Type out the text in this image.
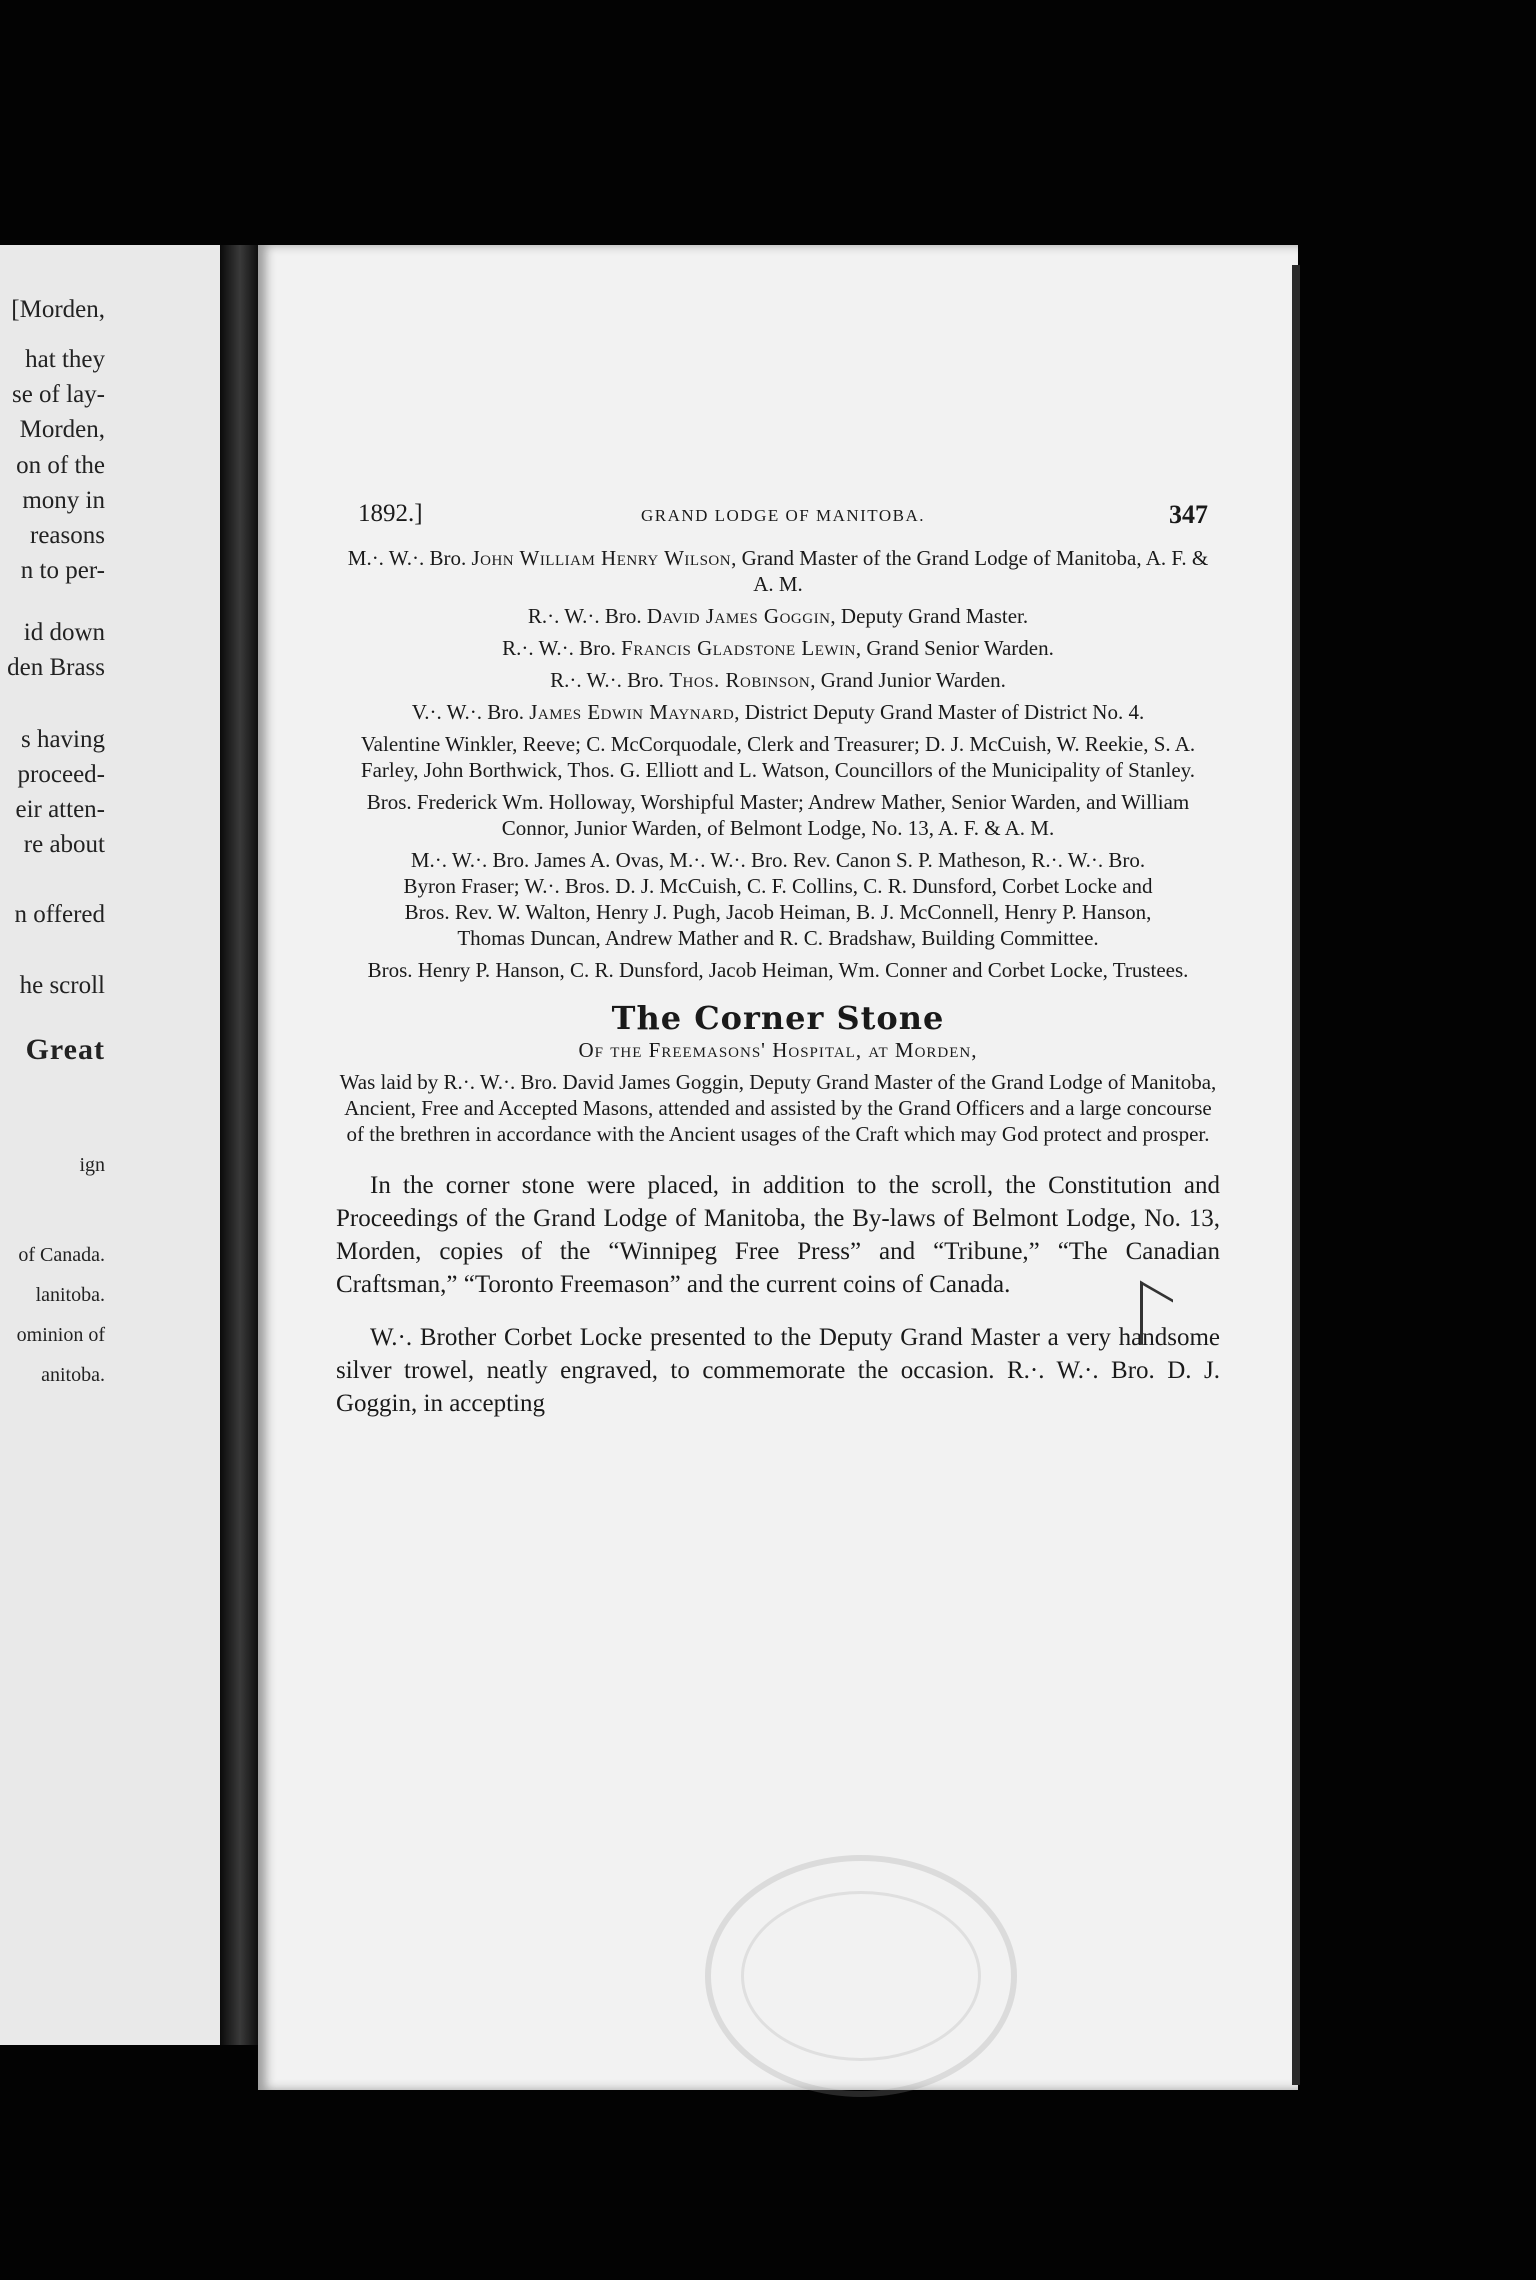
[Morden,
hat they
se of lay-
Morden,
on of the
mony in
reasons
n to per-
id down
den Brass
s having
proceed-
eir atten-
re about
n offered
he scroll
Great
ign
of Canada.
lanitoba.
ominion of
anitoba.
1892.]	GRAND LODGE OF MANITOBA.	347
M.·. W.·. Bro. John William Henry Wilson, Grand Master of the Grand Lodge of Manitoba, A. F. & A. M.
R.·. W.·. Bro. David James Goggin, Deputy Grand Master.
R.·. W.·. Bro. Francis Gladstone Lewin, Grand Senior Warden.
R.·. W.·. Bro. Thos. Robinson, Grand Junior Warden.
V.·. W.·. Bro. James Edwin Maynard, District Deputy Grand Master of District No. 4.
Valentine Winkler, Reeve; C. McCorquodale, Clerk and Treasurer; D. J. McCuish, W. Reekie, S. A. Farley, John Borthwick, Thos. G. Elliott and L. Watson, Councillors of the Municipality of Stanley.
Bros. Frederick Wm. Holloway, Worshipful Master; Andrew Mather, Senior Warden, and William Connor, Junior Warden, of Belmont Lodge, No. 13, A. F. & A. M.
M.·. W.·. Bro. James A. Ovas, M.·. W.·. Bro. Rev. Canon S. P. Matheson, R.·. W.·. Bro. Byron Fraser; W.·. Bros. D. J. McCuish, C. F. Collins, C. R. Dunsford, Corbet Locke and Bros. Rev. W. Walton, Henry J. Pugh, Jacob Heiman, B. J. McConnell, Henry P. Hanson, Thomas Duncan, Andrew Mather and R. C. Bradshaw, Building Committee.
Bros. Henry P. Hanson, C. R. Dunsford, Jacob Heiman, Wm. Conner and Corbet Locke, Trustees.
The Corner Stone
Of the Freemasons' Hospital, at Morden,
Was laid by R.·. W.·. Bro. David James Goggin, Deputy Grand Master of the Grand Lodge of Manitoba, Ancient, Free and Accepted Masons, attended and assisted by the Grand Officers and a large concourse of the brethren in accordance with the Ancient usages of the Craft which may God protect and prosper.

In the corner stone were placed, in addition to the scroll, the Constitution and Proceedings of the Grand Lodge of Manitoba, the By-laws of Belmont Lodge, No. 13, Morden, copies of the “Winnipeg Free Press” and “Tribune,” “The Canadian Craftsman,” “Toronto Freemason” and the current coins of Canada.

W.·. Brother Corbet Locke presented to the Deputy Grand Master a very handsome silver trowel, neatly engraved, to commemorate the occasion. R.·. W.·. Bro. D. J. Goggin, in accepting
